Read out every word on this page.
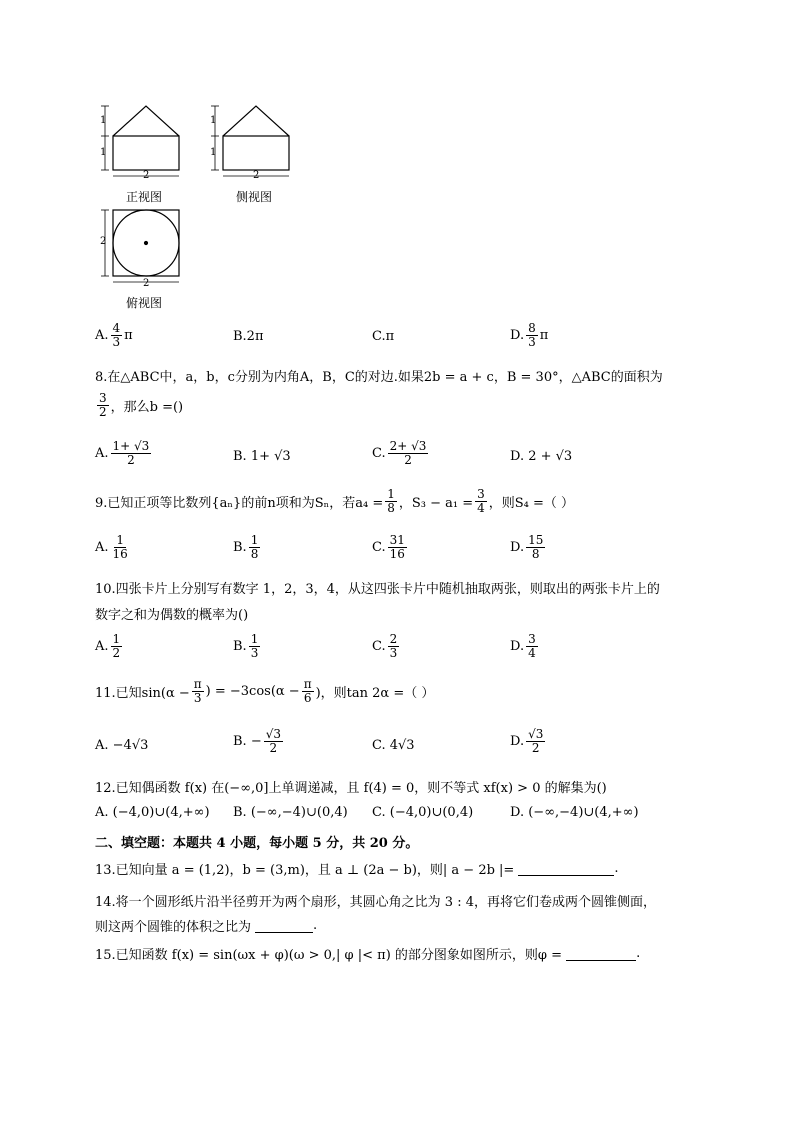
1
1
2
正视图
1
1
2
侧视图
2
2
俯视图
A. $\frac{4}{3}$ π	B.2π	C.π	D. $\frac{8}{3}$ π
8.在△ABC中，a，b，c分别为内角A，B，C的对边.如果2b = a + c，B = 30°，△ABC的面积为
$\frac{3}{2}$ ，那么b =()
A. $\frac{1+ √3}{2}$	B. 1+ √3	C. $\frac{2+ √3}{2}$	D. 2 + √3
9.已知正项等比数列{aₙ}的前n项和为Sₙ，若$a_4 = \frac{1}{8}$ ，$S_3 - a_1 = \frac{3}{4}$ ，则S₄ =（ ）
A. $\frac{1}{16}$	B. $\frac{1}{8}$	C. $\frac{31}{16}$	D. $\frac{15}{8}$
10.四张卡片上分别写有数字 1，2，3，4，从这四张卡片中随机抽取两张，则取出的两张卡片上的
数字之和为偶数的概率为()
A. $\frac{1}{2}$	B. $\frac{1}{3}$	C. $\frac{2}{3}$	D. $\frac{3}{4}$
11.已知$\sin(\alpha - \frac{\pi}{3}$ ) = $-3\cos(\alpha - \frac{\pi}{6}$ )，则tan 2α =（ ）
A. −4√3	B. − $\frac{√3}{2}$	C. 4√3	D. $\frac{√3}{2}$
12.已知偶函数 f(x) 在(−∞,0]上单调递减，且 f(4) = 0，则不等式 xf(x) > 0 的解集为()
A. (−4,0)∪(4,+∞) B. (−∞,−4)∪(0,4) C. (−4,0)∪(0,4)	D. (−∞,−4)∪(4,+∞)
二、填空题：本题共 4 小题，每小题 5 分，共 20 分。
13.已知向量 a = (1,2)，b = (3,m)，且 a ⊥ (2a − b)，则| a − 2b |=	.
14.将一个圆形纸片沿半径剪开为两个扇形，其圆心角之比为 3 : 4，再将它们卷成两个圆锥侧面，
则这两个圆锥的体积之比为	.
15.已知函数 f(x) = sin(ωx + φ)(ω > 0,| φ |< π) 的部分图象如图所示，则φ =	.
